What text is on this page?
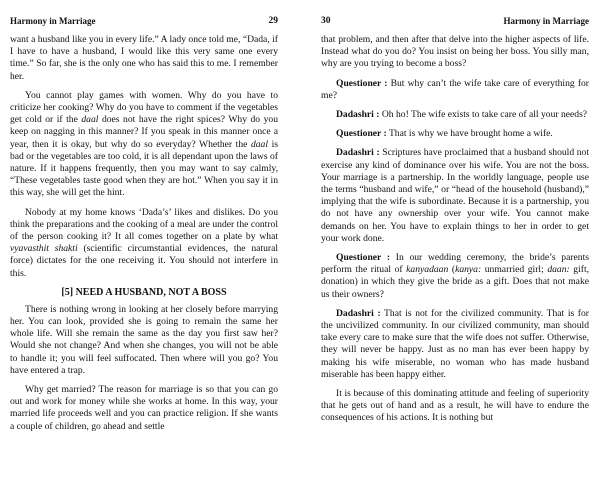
Harmony in Marriage	29

want a husband like you in every life.” A lady once told me, “Dada, if I have to have a husband, I would like this very same one every time.” So far, she is the only one who has said this to me. I remember her.

You cannot play games with women. Why do you have to criticize her cooking? Why do you have to comment if the vegetables get cold or if the daal does not have the right spices? Why do you keep on nagging in this manner? If you speak in this manner once a year, then it is okay, but why do so everyday? Whether the daal is bad or the vegetables are too cold, it is all dependant upon the laws of nature. If it happens frequently, then you may want to say calmly, “These vegetables taste good when they are hot.” When you say it in this way, she will get the hint.

Nobody at my home knows ‘Dada’s’ likes and dislikes. Do you think the preparations and the cooking of a meal are under the control of the person cooking it? It all comes together on a plate by what vyavasthit shakti (scientific circumstantial evidences, the natural force) dictates for the one receiving it. You should not interfere in this.

[5] NEED A HUSBAND, NOT A BOSS

There is nothing wrong in looking at her closely before marrying her. You can look, provided she is going to remain the same her whole life. Will she remain the same as the day you first saw her? Would she not change? And when she changes, you will not be able to handle it; you will feel suffocated. Then where will you go? You have entered a trap.

Why get married? The reason for marriage is so that you can go out and work for money while she works at home. In this way, your married life proceeds well and you can practice religion. If she wants a couple of children, go ahead and settle

30	Harmony in Marriage

that problem, and then after that delve into the higher aspects of life. Instead what do you do? You insist on being her boss. You silly man, why are you trying to become a boss?

Questioner : But why can’t the wife take care of everything for me?

Dadashri : Oh ho! The wife exists to take care of all your needs?

Questioner : That is why we have brought home a wife.

Dadashri : Scriptures have proclaimed that a husband should not exercise any kind of dominance over his wife. You are not the boss. Your marriage is a partnership. In the worldly language, people use the terms “husband and wife,” or “head of the household (husband),” implying that the wife is subordinate. Because it is a partnership, you do not have any ownership over your wife. You cannot make demands on her. You have to explain things to her in order to get your work done.

Questioner : In our wedding ceremony, the bride’s parents perform the ritual of kanyadaan (kanya: unmarried girl; daan: gift, donation) in which they give the bride as a gift. Does that not make us their owners?

Dadashri : That is not for the civilized community. That is for the uncivilized community. In our civilized community, man should take every care to make sure that the wife does not suffer. Otherwise, they will never be happy. Just as no man has ever been happy by making his wife miserable, no woman who has made husband miserable has been happy either.

It is because of this dominating attitude and feeling of superiority that he gets out of hand and as a result, he will have to endure the consequences of his actions. It is nothing but
